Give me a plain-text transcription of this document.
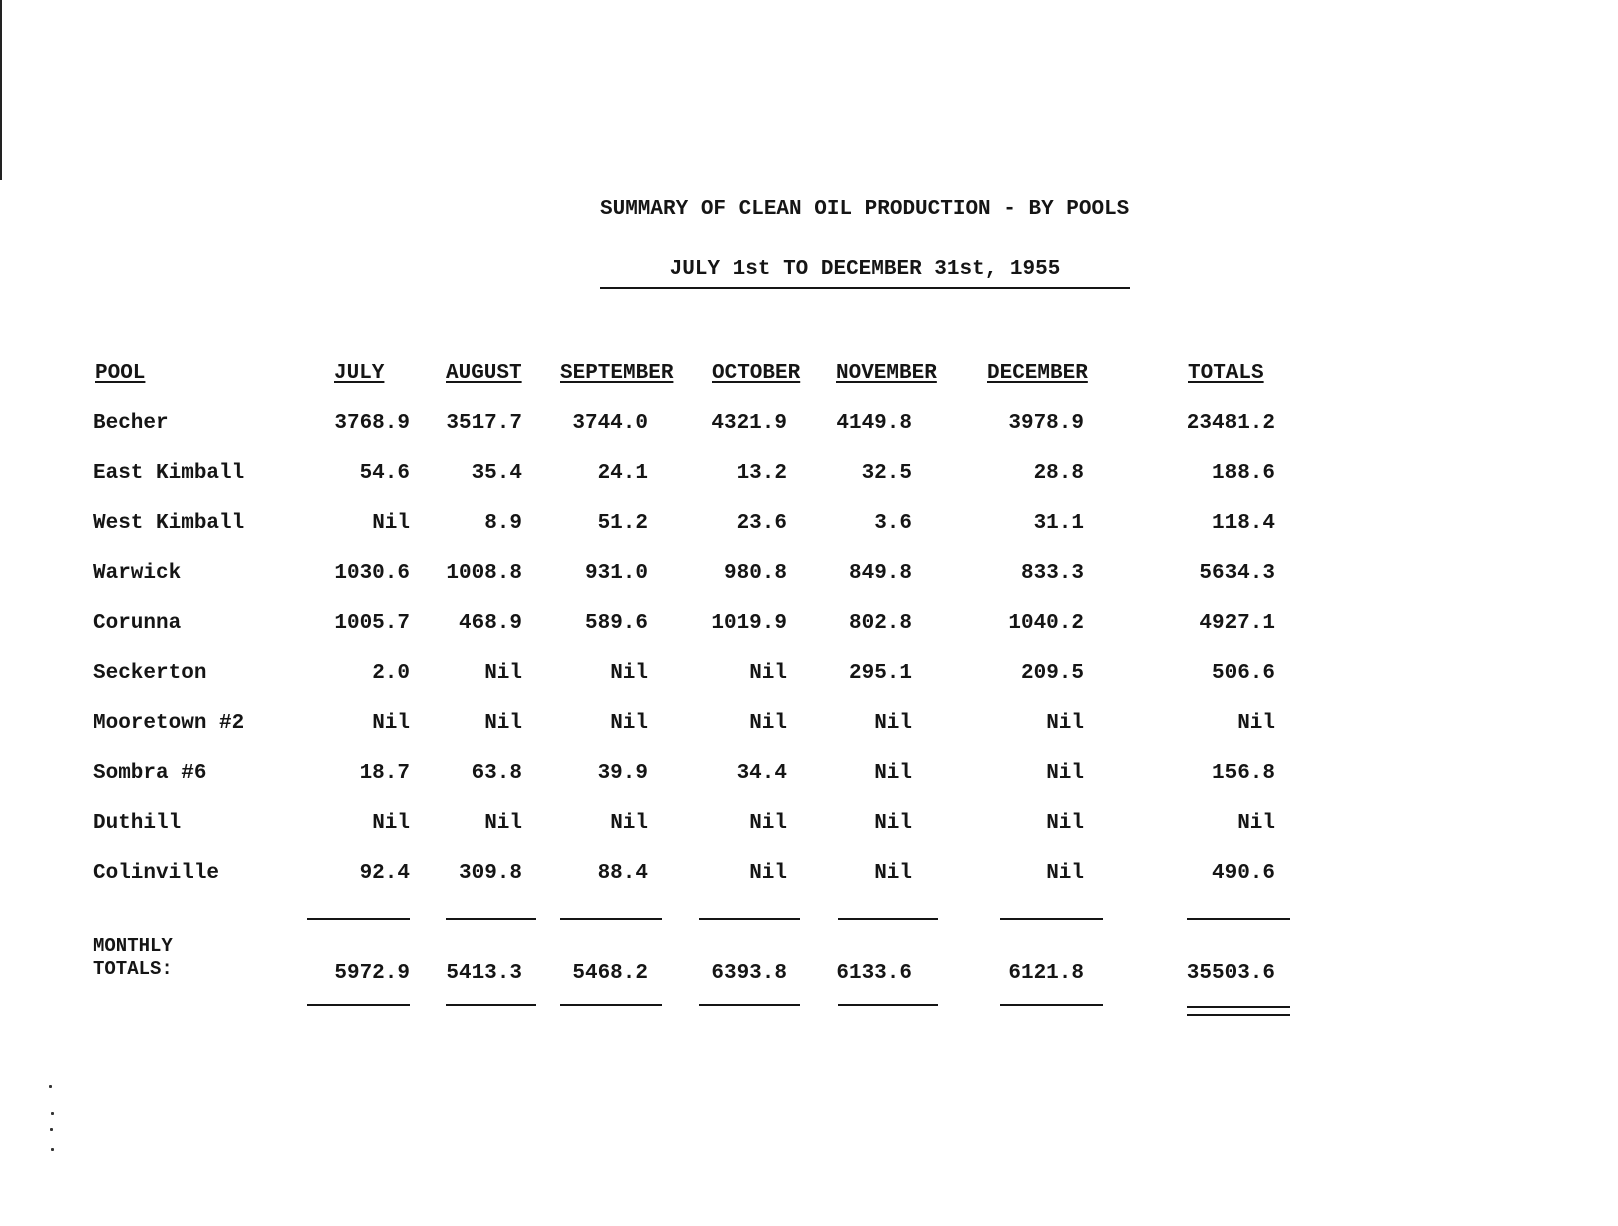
SUMMARY OF CLEAN OIL PRODUCTION - BY POOLS
JULY 1st TO DECEMBER 31st, 1955
POOL	JULY	AUGUST SEPTEMBER OCTOBER NOVEMBER DECEMBER	TOTALS
Becher	3768.9	3517.7	3744.0	4321.9	4149.8	3978.9	23481.2
East Kimball	54.6	35.4	24.1	13.2	32.5	28.8	188.6
West Kimball	Nil	8.9	51.2	23.6	3.6	31.1	118.4
Warwick	1030.6	1008.8	931.0	980.8	849.8	833.3	5634.3
Corunna	1005.7	468.9	589.6	1019.9	802.8	1040.2	4927.1
Seckerton	2.0	Nil	Nil	Nil	295.1	209.5	506.6
Mooretown #2	Nil	Nil	Nil	Nil	Nil	Nil	Nil
Sombra #6	18.7	63.8	39.9	34.4	Nil	Nil	156.8
Duthill	Nil	Nil	Nil	Nil	Nil	Nil	Nil
Colinville	92.4	309.8	88.4	Nil	Nil	Nil	490.6
MONTHLY
TOTALS:	5972.9	5413.3	5468.2	6393.8	6133.6	6121.8	35503.6
